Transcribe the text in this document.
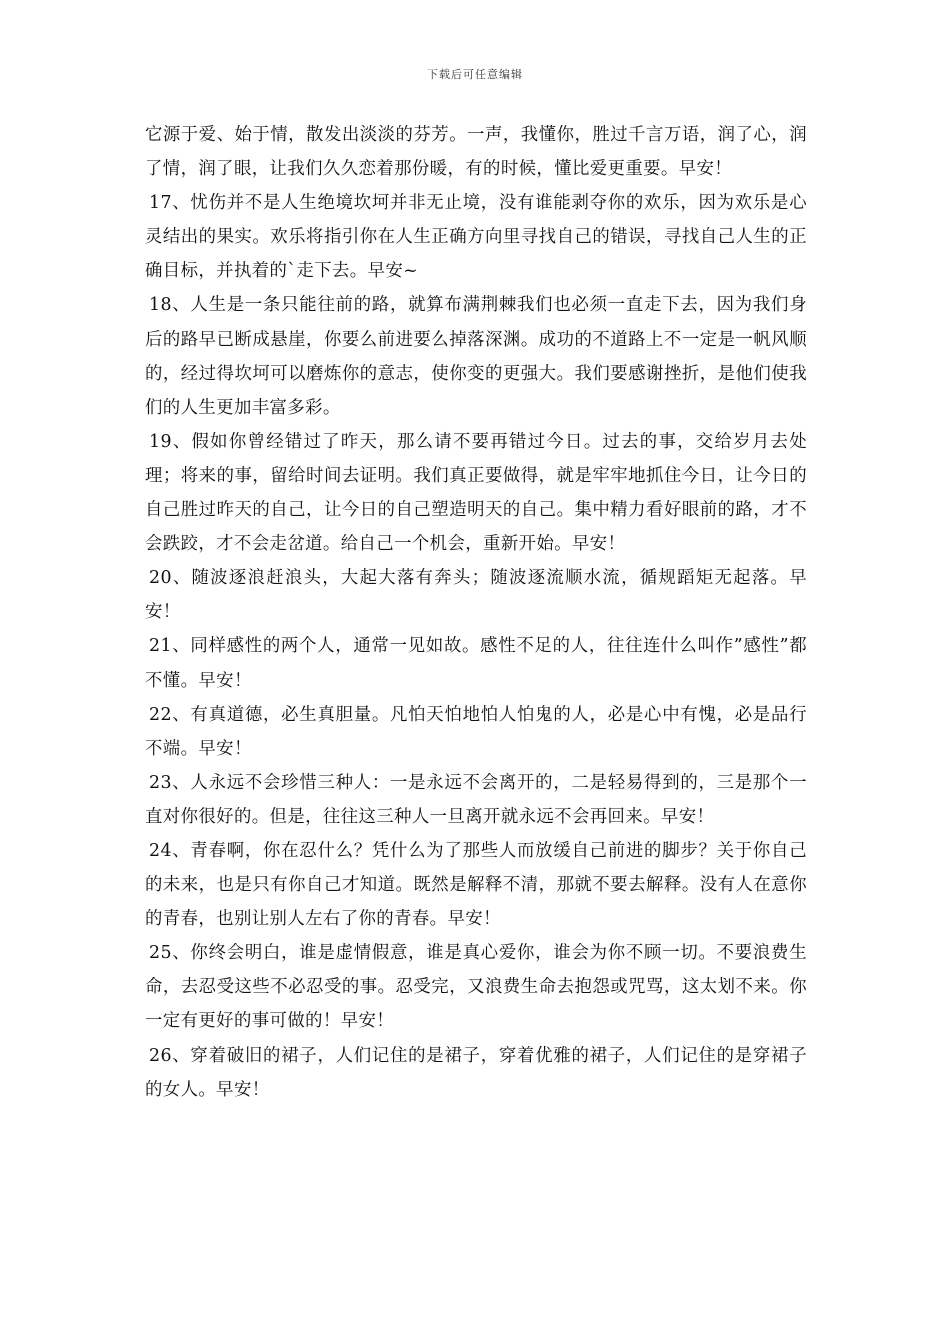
下载后可任意编辑

它源于爱、始于情，散发出淡淡的芬芳。一声，我懂你，胜过千言万语，润了心，润了情，润了眼，让我们久久恋着那份暖，有的时候，懂比爱更重要。早安！

17、忧伤并不是人生绝境坎坷并非无止境，没有谁能剥夺你的欢乐，因为欢乐是心灵结出的果实。欢乐将指引你在人生正确方向里寻找自己的错误，寻找自己人生的正确目标，并执着的`走下去。早安~

18、人生是一条只能往前的路，就算布满荆棘我们也必须一直走下去，因为我们身后的路早已断成悬崖，你要么前进要么掉落深渊。成功的不道路上不一定是一帆风顺的，经过得坎坷可以磨炼你的意志，使你变的更强大。我们要感谢挫折，是他们使我们的人生更加丰富多彩。

19、假如你曾经错过了昨天，那么请不要再错过今日。过去的事，交给岁月去处理；将来的事，留给时间去证明。我们真正要做得，就是牢牢地抓住今日，让今日的自己胜过昨天的自己，让今日的自己塑造明天的自己。集中精力看好眼前的路，才不会跌跤，才不会走岔道。给自己一个机会，重新开始。早安！

20、随波逐浪赶浪头，大起大落有奔头；随波逐流顺水流，循规蹈矩无起落。早安！

21、同样感性的两个人，通常一见如故。感性不足的人，往往连什么叫作”感性”都不懂。早安！

22、有真道德，必生真胆量。凡怕天怕地怕人怕鬼的人，必是心中有愧，必是品行不端。早安！

23、人永远不会珍惜三种人：一是永远不会离开的，二是轻易得到的，三是那个一直对你很好的。但是，往往这三种人一旦离开就永远不会再回来。早安！

24、青春啊，你在忍什么？凭什么为了那些人而放缓自己前进的脚步？关于你自己的未来，也是只有你自己才知道。既然是解释不清，那就不要去解释。没有人在意你的青春，也别让别人左右了你的青春。早安！

25、你终会明白，谁是虚情假意，谁是真心爱你，谁会为你不顾一切。不要浪费生命，去忍受这些不必忍受的事。忍受完，又浪费生命去抱怨或咒骂，这太划不来。你一定有更好的事可做的！早安！

26、穿着破旧的裙子，人们记住的是裙子，穿着优雅的裙子，人们记住的是穿裙子的女人。早安！
